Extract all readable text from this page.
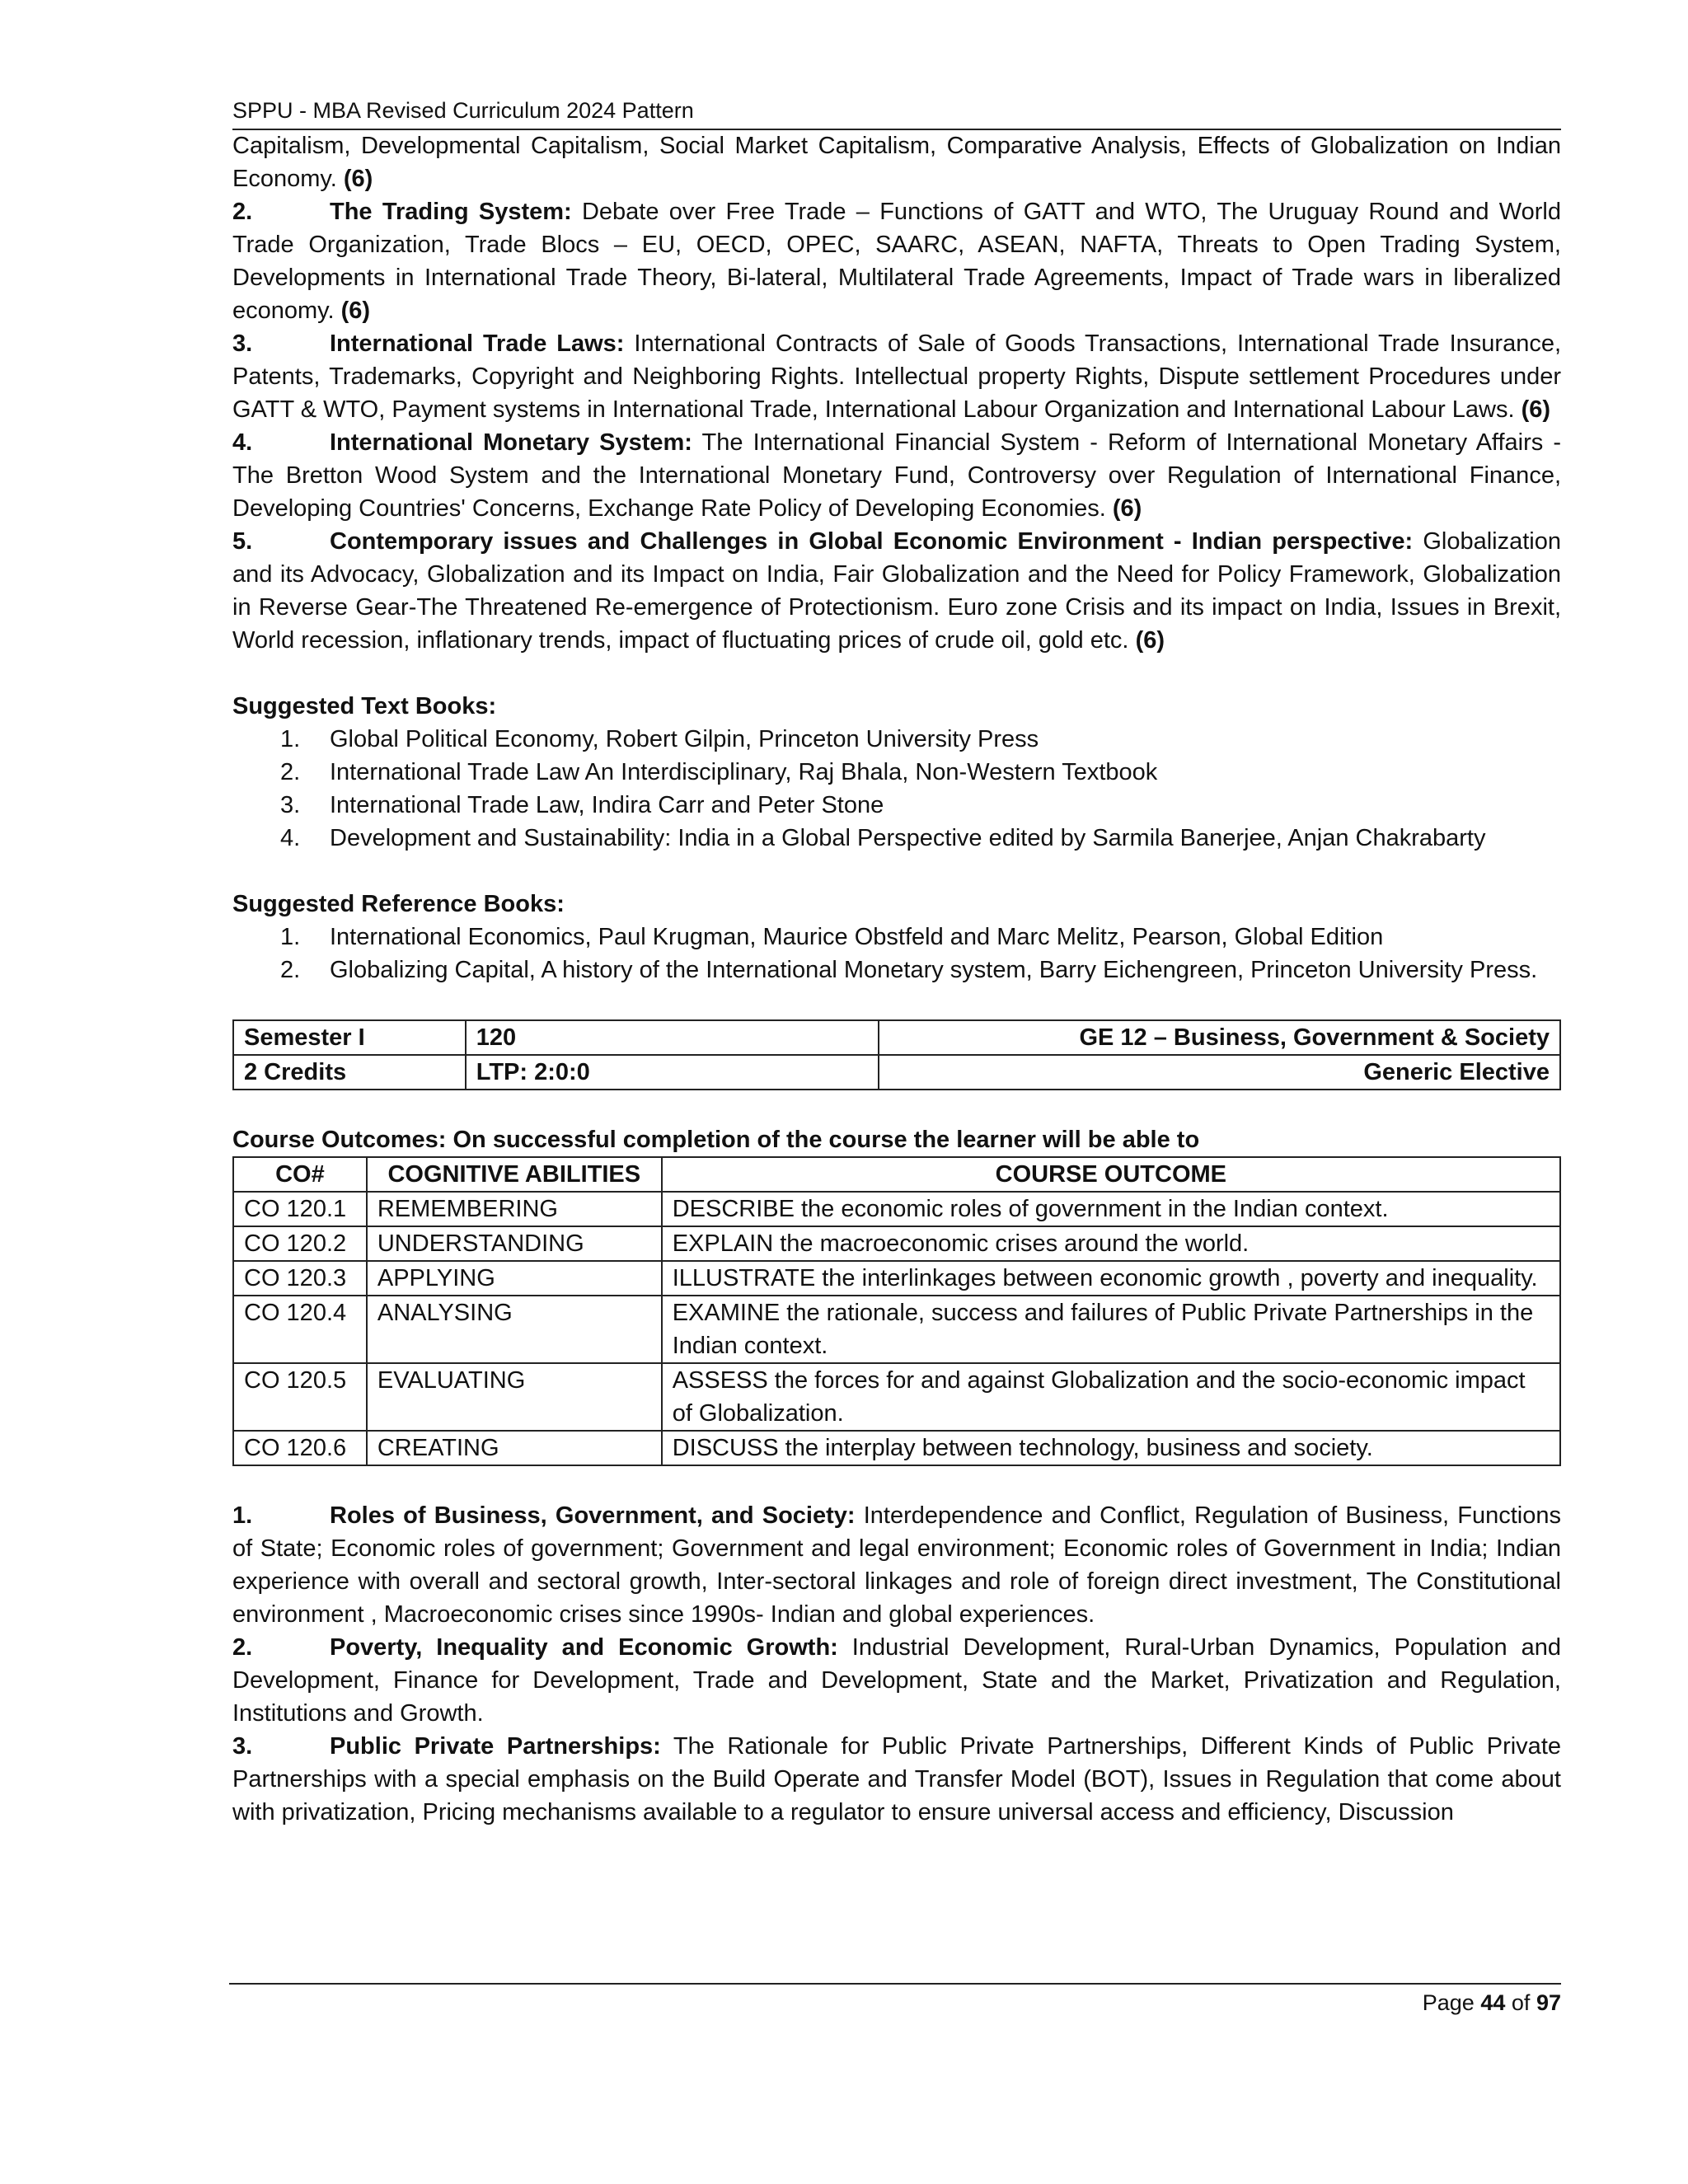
SPPU - MBA Revised Curriculum 2024 Pattern

Capitalism, Developmental Capitalism, Social Market Capitalism, Comparative Analysis, Effects of Globalization on Indian Economy. (6)

2.	The Trading System: Debate over Free Trade – Functions of GATT and WTO, The Uruguay Round and World Trade Organization, Trade Blocs – EU, OECD, OPEC, SAARC, ASEAN, NAFTA, Threats to Open Trading System, Developments in International Trade Theory, Bi-lateral, Multilateral Trade Agreements, Impact of Trade wars in liberalized economy. (6)

3.	International Trade Laws: International Contracts of Sale of Goods Transactions, International Trade Insurance, Patents, Trademarks, Copyright and Neighboring Rights. Intellectual property Rights, Dispute settlement Procedures under GATT & WTO, Payment systems in International Trade, International Labour Organization and International Labour Laws. (6)

4.	International Monetary System: The International Financial System - Reform of International Monetary Affairs - The Bretton Wood System and the International Monetary Fund, Controversy over Regulation of International Finance, Developing Countries' Concerns, Exchange Rate Policy of Developing Economies. (6)

5.	Contemporary issues and Challenges in Global Economic Environment - Indian perspective: Globalization and its Advocacy, Globalization and its Impact on India, Fair Globalization and the Need for Policy Framework, Globalization in Reverse Gear-The Threatened Re-emergence of Protectionism. Euro zone Crisis and its impact on India, Issues in Brexit, World recession, inflationary trends, impact of fluctuating prices of crude oil, gold etc. (6)

Suggested Text Books:

1.	Global Political Economy, Robert Gilpin, Princeton University Press
2.	International Trade Law An Interdisciplinary, Raj Bhala, Non-Western Textbook
3.	International Trade Law, Indira Carr and Peter Stone
4.	Development and Sustainability: India in a Global Perspective edited by Sarmila Banerjee, Anjan Chakrabarty

Suggested Reference Books:

1.	International Economics, Paul Krugman, Maurice Obstfeld and Marc Melitz, Pearson, Global Edition
2.	Globalizing Capital, A history of the International Monetary system, Barry Eichengreen, Princeton University Press.
Semester I	120	GE 12 – Business, Government & Society
2 Credits	LTP: 2:0:0	Generic Elective

Course Outcomes: On successful completion of the course the learner will be able to

CO#	COGNITIVE ABILITIES	COURSE OUTCOME
CO 120.1	REMEMBERING	DESCRIBE the economic roles of government in the Indian context.
CO 120.2	UNDERSTANDING	EXPLAIN the macroeconomic crises around the world.
CO 120.3	APPLYING	ILLUSTRATE the interlinkages between economic growth , poverty and inequality.
CO 120.4	ANALYSING	EXAMINE the rationale, success and failures of Public Private Partnerships in the Indian context.
CO 120.5	EVALUATING	ASSESS the forces for and against Globalization and the socio-economic impact of Globalization.
CO 120.6	CREATING	DISCUSS the interplay between technology, business and society.

1.	Roles of Business, Government, and Society: Interdependence and Conflict, Regulation of Business, Functions of State; Economic roles of government; Government and legal environment; Economic roles of Government in India; Indian experience with overall and sectoral growth, Inter-sectoral linkages and role of foreign direct investment, The Constitutional environment , Macroeconomic crises since 1990s- Indian and global experiences.

2.	Poverty, Inequality and Economic Growth: Industrial Development, Rural-Urban Dynamics, Population and Development, Finance for Development, Trade and Development, State and the Market, Privatization and Regulation, Institutions and Growth.

3.	Public Private Partnerships: The Rationale for Public Private Partnerships, Different Kinds of Public Private Partnerships with a special emphasis on the Build Operate and Transfer Model (BOT), Issues in Regulation that come about with privatization, Pricing mechanisms available to a regulator to ensure universal access and efficiency, Discussion

Page 44 of 97
